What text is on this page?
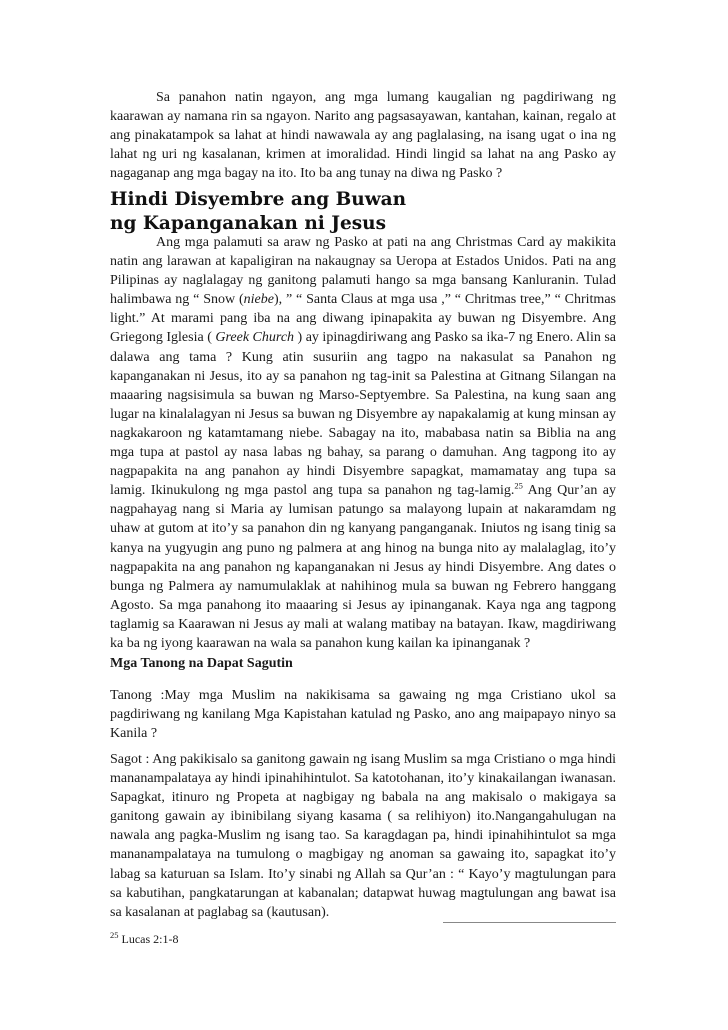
Sa panahon natin ngayon, ang mga lumang kaugalian ng pagdiriwang ng kaarawan ay namana rin sa ngayon. Narito ang pagsasayawan, kantahan, kainan, regalo at ang pinakatampok sa lahat at hindi nawawala ay ang paglalasing, na isang ugat o ina ng lahat ng uri ng kasalanan, krimen at imoralidad. Hindi lingid sa lahat na ang Pasko ay nagaganap ang mga bagay na ito. Ito ba ang tunay na diwa ng Pasko ?

Hindi Disyembre ang Buwan
ng Kapanganakan ni Jesus

Ang mga palamuti sa araw ng Pasko at pati na ang Christmas Card ay makikita natin ang larawan at kapaligiran na nakaugnay sa Ueropa at Estados Unidos. Pati na ang Pilipinas ay naglalagay ng ganitong palamuti hango sa mga bansang Kanluranin. Tulad halimbawa ng “ Snow (niebe), ” “ Santa Claus at mga usa ,” “ Chritmas tree,” “ Chritmas light.” At marami pang iba na ang diwang ipinapakita ay buwan ng Disyembre. Ang Griegong Iglesia ( Greek Church ) ay ipinagdiriwang ang Pasko sa ika-7 ng Enero. Alin sa dalawa ang tama ? Kung atin susuriin ang tagpo na nakasulat sa Panahon ng kapanganakan ni Jesus, ito ay sa panahon ng tag-init sa Palestina at Gitnang Silangan na maaaring nagsisimula sa buwan ng Marso-Septyembre. Sa Palestina, na kung saan ang lugar na kinalalagyan ni Jesus sa buwan ng Disyembre ay napakalamig at kung minsan ay nagkakaroon ng katamtamang niebe. Sabagay na ito, mababasa natin sa Biblia na ang mga tupa at pastol ay nasa labas ng bahay, sa parang o damuhan. Ang tagpong ito ay nagpapakita na ang panahon ay hindi Disyembre sapagkat, mamamatay ang tupa sa lamig. Ikinukulong ng mga pastol ang tupa sa panahon ng tag-lamig.$^{25}$ Ang Qur’an ay nagpahayag nang si Maria ay lumisan patungo sa malayong lupain at nakaramdam ng uhaw at gutom at ito’y sa panahon din ng kanyang panganganak. Iniutos ng isang tinig sa kanya na yugyugin ang puno ng palmera at ang hinog na bunga nito ay malalaglag, ito’y nagpapakita na ang panahon ng kapanganakan ni Jesus ay hindi Disyembre. Ang dates o bunga ng Palmera ay namumulaklak at nahihinog mula sa buwan ng Febrero hanggang Agosto. Sa mga panahong ito maaaring si Jesus ay ipinanganak. Kaya nga ang tagpong taglamig sa Kaarawan ni Jesus ay mali at walang matibay na batayan. Ikaw, magdiriwang ka ba ng iyong kaarawan na wala sa panahon kung kailan ka ipinanganak ?

Mga Tanong na Dapat Sagutin

Tanong :May mga Muslim na nakikisama sa gawaing ng mga Cristiano ukol sa pagdiriwang ng kanilang Mga Kapistahan katulad ng Pasko, ano ang maipapayo ninyo sa Kanila ?

Sagot : Ang pakikisalo sa ganitong gawain ng isang Muslim sa mga Cristiano o mga hindi mananampalataya ay hindi ipinahihintulot. Sa katotohanan, ito’y kinakailangan iwanasan. Sapagkat, itinuro ng Propeta at nagbigay ng babala na ang makisalo o makigaya sa ganitong gawain ay ibinibilang siyang kasama ( sa relihiyon) ito.Nangangahulugan na nawala ang pagka-Muslim ng isang tao. Sa karagdagan pa, hindi ipinahihintulot sa mga mananampalataya na tumulong o magbigay ng anoman sa gawaing ito, sapagkat ito’y labag sa katuruan sa Islam. Ito’y sinabi ng Allah sa Qur’an : “ Kayo’y magtulungan para sa kabutihan, pangkatarungan at kabanalan; datapwat huwag magtulungan ang bawat isa sa kasalanan at paglabag sa (kautusan).

$^{25}$ Lucas 2:1-8
